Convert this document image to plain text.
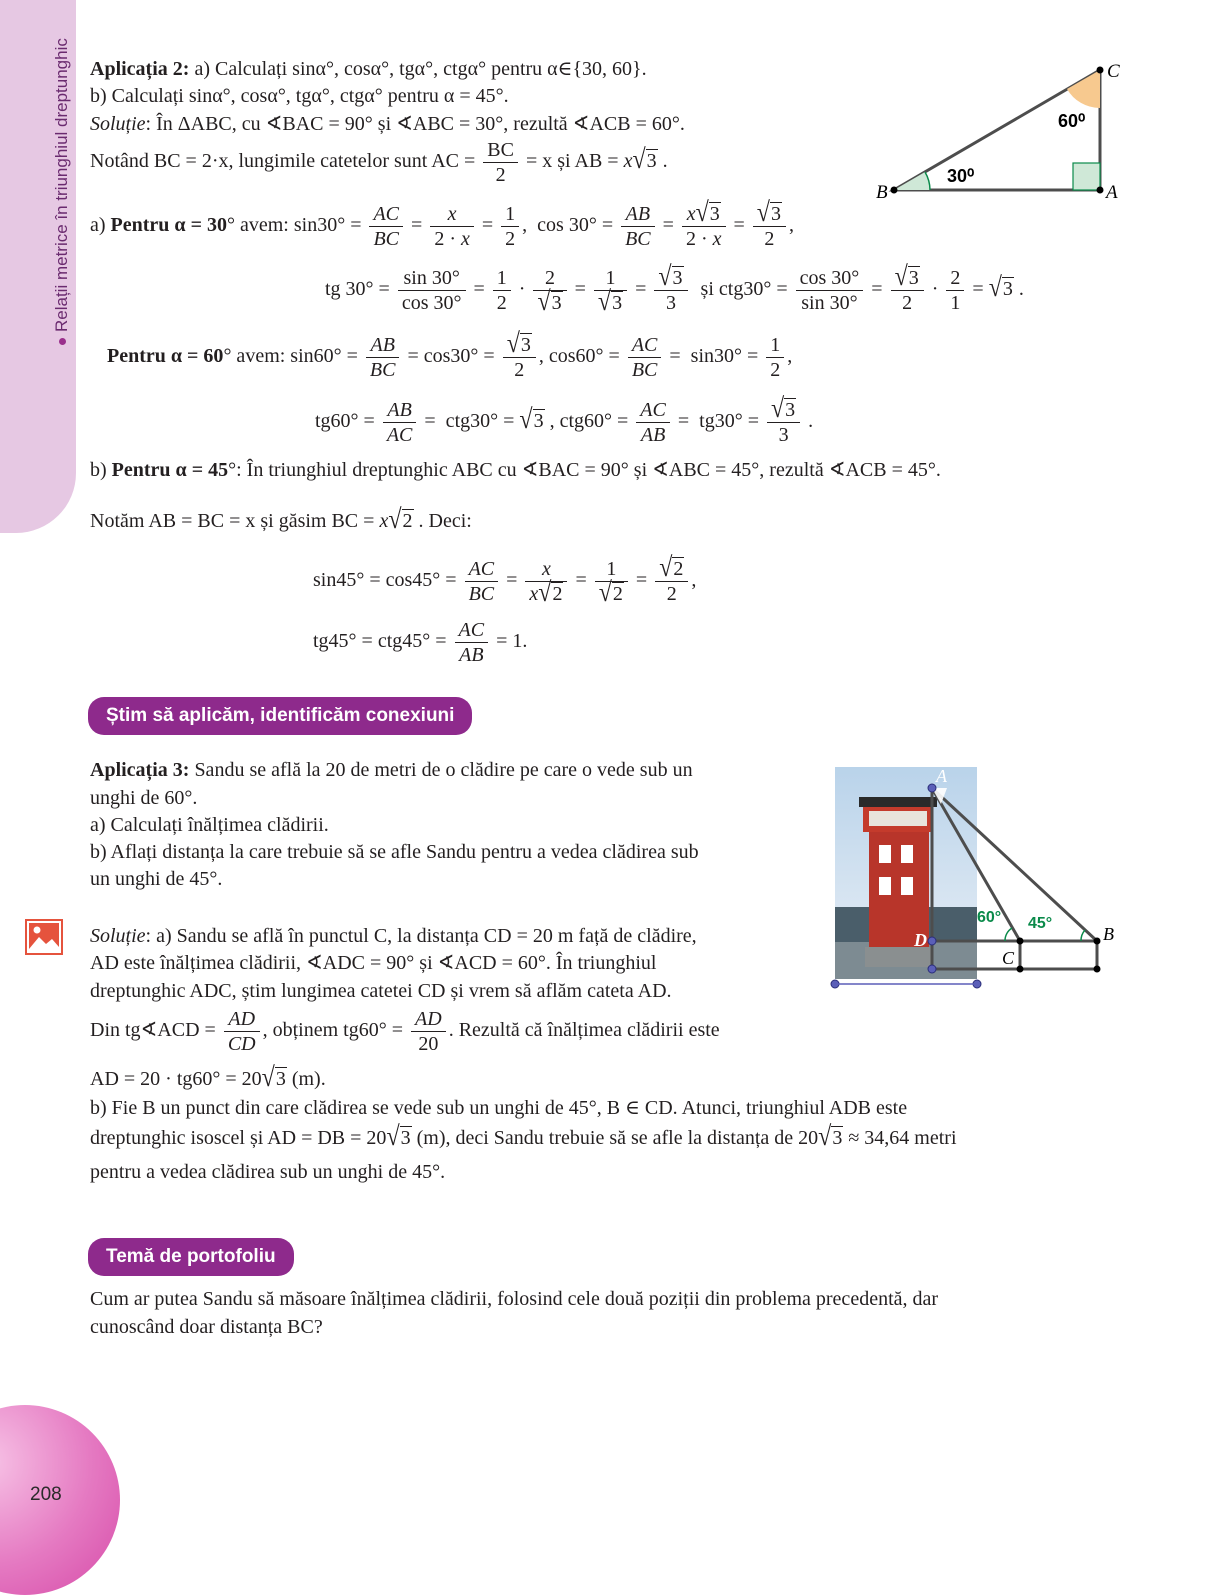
Relații metrice în triunghiul dreptunghic
208
Aplicația 2: a) Calculați sinα°, cosα°, tgα°, ctgα° pentru α∈{30, 60}.
b) Calculați sinα°, cosα°, tgα°, ctgα° pentru α = 45°.
Soluție: În ΔABC, cu ∢BAC = 90° și ∢ABC = 30°, rezultă ∢ACB = 60°.
Notând BC = 2·x, lungimile catetelor sunt AC = $\frac{BC}{2} = x$ și AB = x√3 .
a) Pentru α = 30° avem: $\sin 30^\circ = \frac{AC}{BC} = \frac{x}{2 \cdot x} = \frac{1}{2}$ ,  $\cos 30^\circ = \frac{AB}{BC} = \frac{x√3}{2 \cdot x} = \frac{√3}{2}$ ,
tg $30^\circ = \frac{\sin 30^\circ}{\cos 30^\circ} = \frac{1}{2} \cdot \frac{2}{√3} = \frac{1}{√3} = \frac{√3}{3}$ și $ctg30^\circ = \frac{\cos 30^\circ}{\sin 30^\circ} = \frac{√3}{2} \cdot \frac{2}{1} = √3$ .
Pentru α = 60° avem: $\sin 60^\circ = \frac{AB}{BC} = \cos 30^\circ = \frac{√3}{2}$ , $\cos 60^\circ = \frac{AC}{BC} = \sin 30^\circ = \frac{1}{2}$ ,
$tg60^\circ = \frac{AB}{AC} = ctg30^\circ = √3$ , $ctg60^\circ = \frac{AC}{AB} = tg30^\circ = \frac{√3}{3}$ .
b) Pentru α = 45°: În triunghiul dreptunghic ABC cu ∢BAC = 90° și ∢ABC = 45°, rezultă ∢ACB = 45°.
Notăm AB = BC = x și găsim BC = x√2 . Deci:
$\sin 45^\circ = \cos 45^\circ = \frac{AC}{BC} = \frac{x}{x√2} = \frac{1}{√2} = \frac{√2}{2}$ ,
$tg45^\circ = ctg45^\circ = \frac{AC}{AB} = 1$.
C
B	A
60⁰
30⁰
Știm să aplicăm, identificăm conexiuni
Aplicația 3: Sandu se află la 20 de metri de o clădire pe care o vede sub un
unghi de 60°.
a) Calculați înălțimea clădirii.
b) Aflați distanța la care trebuie să se afle Sandu pentru a vedea clădirea sub
un unghi de 45°.
A
B
C
D
60° 45°
Soluție: a) Sandu se află în punctul C, la distanța CD = 20 m față de clădire,
AD este înălțimea clădirii, ∢ADC = 90° și ∢ACD = 60°. În triunghiul
dreptunghic ADC, știm lungimea catetei CD și vrem să aflăm cateta AD.
Din tg∢ACD = $\frac{AD}{CD}$ , obținem $tg60^\circ = \frac{AD}{20}$ . Rezultă că înălțimea clădirii este
AD = 20 · tg60° = 20√3 (m).
b) Fie B un punct din care clădirea se vede sub un unghi de 45°, B ∈ CD. Atunci, triunghiul ADB este
dreptunghic isoscel și AD = DB = 20√3 (m), deci Sandu trebuie să se afle la distanța de 20√3 ≈ 34,64 metri
pentru a vedea clădirea sub un unghi de 45°.
Temă de portofoliu
Cum ar putea Sandu să măsoare înălțimea clădirii, folosind cele două poziții din problema precedentă, dar
cunoscând doar distanța BC?
